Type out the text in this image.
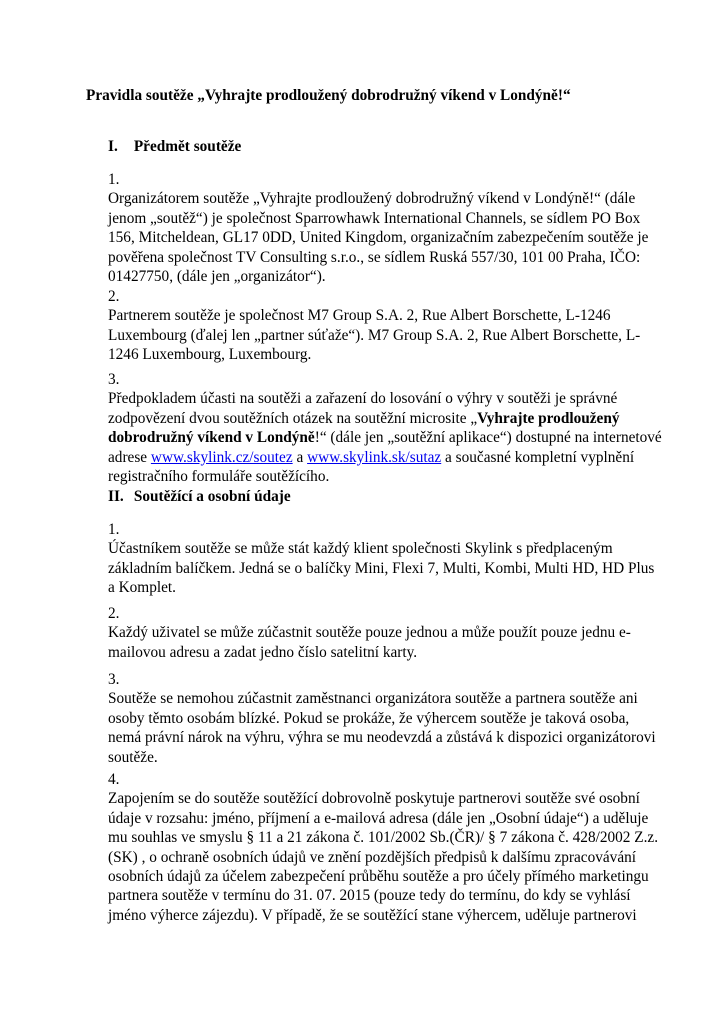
Pravidla soutěže „Vyhrajte prodloužený dobrodružný víkend v Londýně!“
I. Předmět soutěže
1.
Organizátorem soutěže „Vyhrajte prodloužený dobrodružný víkend v Londýně!“ (dále
jenom „soutěž“) je společnost Sparrowhawk International Channels, se sídlem PO Box
156, Mitcheldean, GL17 0DD, United Kingdom, organizačním zabezpečením soutěže je
pověřena společnost TV Consulting s.r.o., se sídlem Ruská 557/30, 101 00 Praha, IČO:
01427750, (dále jen „organizátor“).
2.
Partnerem soutěže je společnost M7 Group S.A. 2, Rue Albert Borschette, L-1246
Luxembourg (ďalej len „partner súťaže“). M7 Group S.A. 2, Rue Albert Borschette, L-
1246 Luxembourg, Luxembourg.
3.
Předpokladem účasti na soutěži a zařazení do losování o výhry v soutěži je správné
zodpovězení dvou soutěžních otázek na soutěžní microsite „Vyhrajte prodloužený
dobrodružný víkend v Londýně!“ (dále jen „soutěžní aplikace“) dostupné na internetové
adrese www.skylink.cz/soutez a www.skylink.sk/sutaz a současné kompletní vyplnění
registračního formuláře soutěžícího.
II. Soutěžící a osobní údaje
1.
Účastníkem soutěže se může stát každý klient společnosti Skylink s předplaceným
základním balíčkem. Jedná se o balíčky Mini, Flexi 7, Multi, Kombi, Multi HD, HD Plus
a Komplet.
2.
Každý uživatel se může zúčastnit soutěže pouze jednou a může použít pouze jednu e-
mailovou adresu a zadat jedno číslo satelitní karty.
3.
Soutěže se nemohou zúčastnit zaměstnanci organizátora soutěže a partnera soutěže ani
osoby těmto osobám blízké. Pokud se prokáže, že výhercem soutěže je taková osoba,
nemá právní nárok na výhru, výhra se mu neodevzdá a zůstává k dispozici organizátorovi
soutěže.
4.
Zapojením se do soutěže soutěžící dobrovolně poskytuje partnerovi soutěže své osobní
údaje v rozsahu: jméno, příjmení a e-mailová adresa (dále jen „Osobní údaje“) a uděluje
mu souhlas ve smyslu § 11 a 21 zákona č. 101/2002 Sb.(ČR)/ § 7 zákona č. 428/2002 Z.z.
(SK) , o ochraně osobních údajů ve znění pozdějších předpisů k dalšímu zpracovávání
osobních údajů za účelem zabezpečení průběhu soutěže a pro účely přímého marketingu
partnera soutěže v termínu do 31. 07. 2015 (pouze tedy do termínu, do kdy se vyhlásí
jméno výherce zájezdu). V případě, že se soutěžící stane výhercem, uděluje partnerovi
